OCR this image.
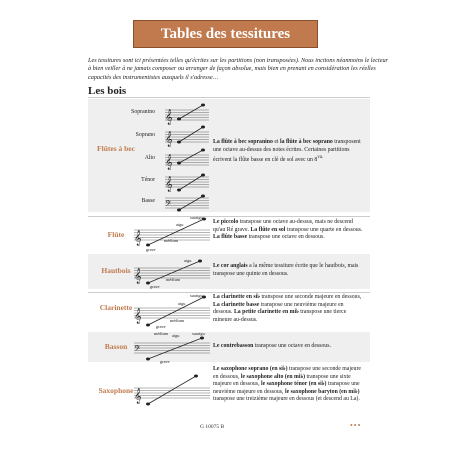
Tables des tessitures
Les tessitures sont ici présentées telles qu'écrites sur les partitions (non transposées). Nous incitons néanmoins le lecteur à bien veiller à ne jamais composer ou arranger de façon absolue, mais bien en prenant en considération les réelles capacités des instrumentistes auxquels il s'adresse…
Les bois
Flûtes à bec
Sopranino
Soprano
Alto
Ténor
Basse
𝄞
𝄞
𝄞
𝄞
𝄢
La flûte à bec sopranino et la flûte à bec soprano transposent une octave au-dessus des notes écrites. Certaines partitions écrivent la flûte basse en clé de sol avec un $8^{va.}$
Flûte 𝄞
suraigu
aigu
médium
grave
Le piccolo transpose une octave au-dessus, mais ne descend qu'au Ré grave. La flûte en sol transpose une quarte en dessous. La flûte basse transpose une octave en dessous.
Hautbois 𝄞
aigu
médium
grave
Le cor anglais a la même tessiture écrite que le hautbois, mais transpose une quinte en dessous.
Clarinette
𝄞
suraigu
aigu
médium
grave
La clarinette en si♭ transpose une seconde majeure en dessous, La clarinette basse transpose une neuvième majeure en dessous. La petite clarinette en mi♭ transpose une tierce mineure au-dessus.
Basson 𝄢
médium aigu	suraigu
grave
Le contrebasson transpose une octave en dessous.
Saxophone 𝄞
Le saxophone soprano (en si♭) transpose une seconde majeure en dessous, le saxophone alto (en mi♭) transpose une sixte majeure en dessous, le saxophone ténor (en si♭) transpose une neuvième majeure en dessous, le saxophone baryton (en mi♭) transpose une treizième majeure en dessous (et descend au La).
G 10075 B	•••
